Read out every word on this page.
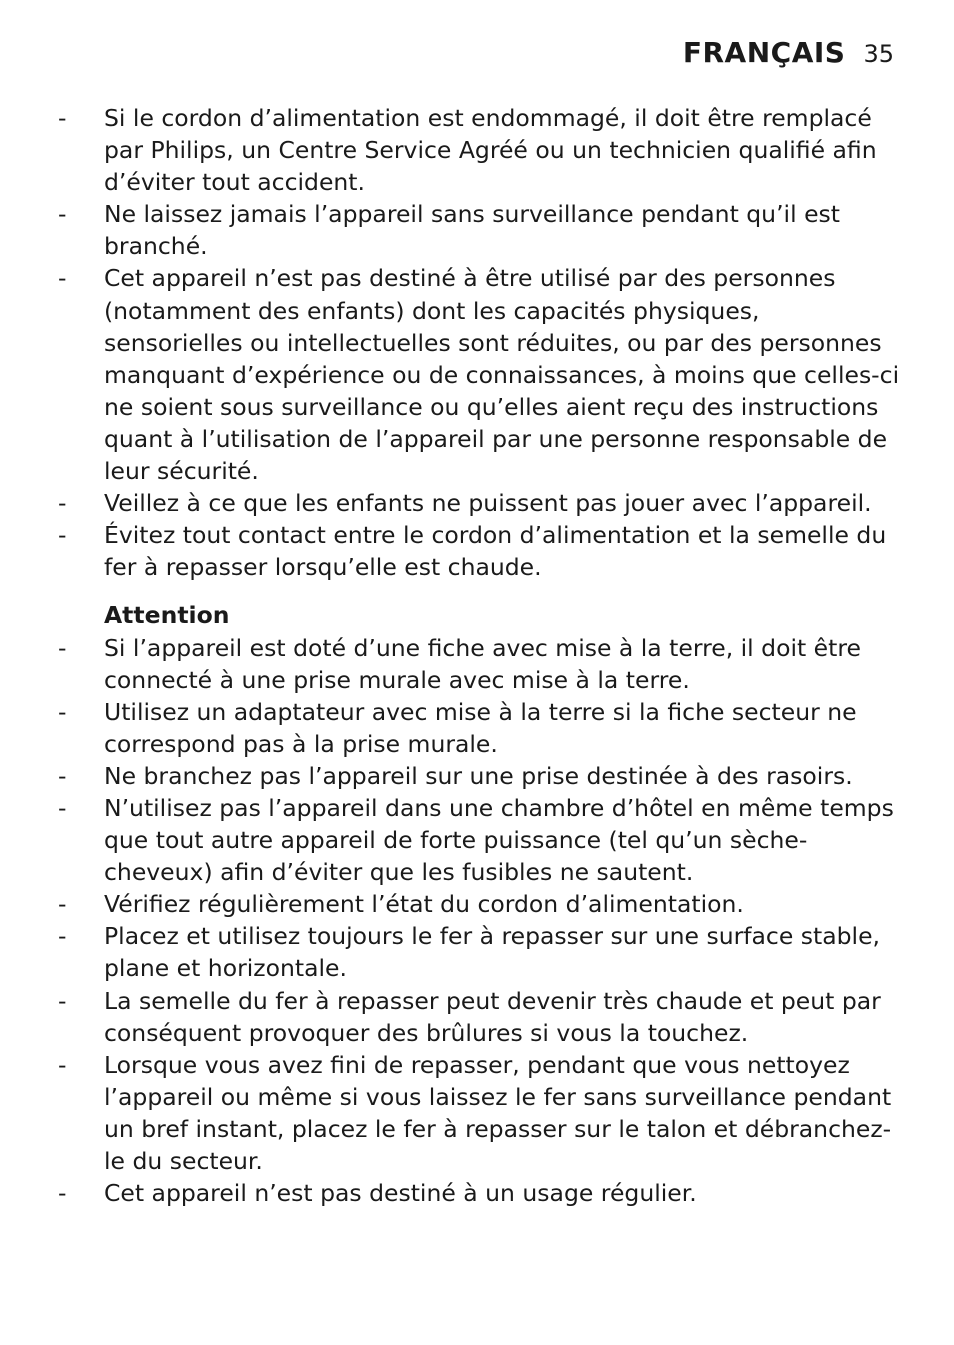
FRANÇAIS 35
- Si le cordon d’alimentation est endommagé, il doit être remplacé par Philips, un Centre Service Agréé ou un technicien qualifié afin d’éviter tout accident.
- Ne laissez jamais l’appareil sans surveillance pendant qu’il est branché.
- Cet appareil n’est pas destiné à être utilisé par des personnes (notamment des enfants) dont les capacités physiques, sensorielles ou intellectuelles sont réduites, ou par des personnes manquant d’expérience ou de connaissances, à moins que celles-ci ne soient sous surveillance ou qu’elles aient reçu des instructions quant à l’utilisation de l’appareil par une personne responsable de leur sécurité.
- Veillez à ce que les enfants ne puissent pas jouer avec l’appareil.
- Évitez tout contact entre le cordon d’alimentation et la semelle du fer à repasser lorsqu’elle est chaude.
Attention
- Si l’appareil est doté d’une fiche avec mise à la terre, il doit être connecté à une prise murale avec mise à la terre.
- Utilisez un adaptateur avec mise à la terre si la fiche secteur ne correspond pas à la prise murale.
- Ne branchez pas l’appareil sur une prise destinée à des rasoirs.
- N’utilisez pas l’appareil dans une chambre d’hôtel en même temps que tout autre appareil de forte puissance (tel qu’un sèche-cheveux) afin d’éviter que les fusibles ne sautent.
- Vérifiez régulièrement l’état du cordon d’alimentation.
- Placez et utilisez toujours le fer à repasser sur une surface stable, plane et horizontale.
- La semelle du fer à repasser peut devenir très chaude et peut par conséquent provoquer des brûlures si vous la touchez.
- Lorsque vous avez fini de repasser, pendant que vous nettoyez l’appareil ou même si vous laissez le fer sans surveillance pendant un bref instant, placez le fer à repasser sur le talon et débranchez-le du secteur.
- Cet appareil n’est pas destiné à un usage régulier.
